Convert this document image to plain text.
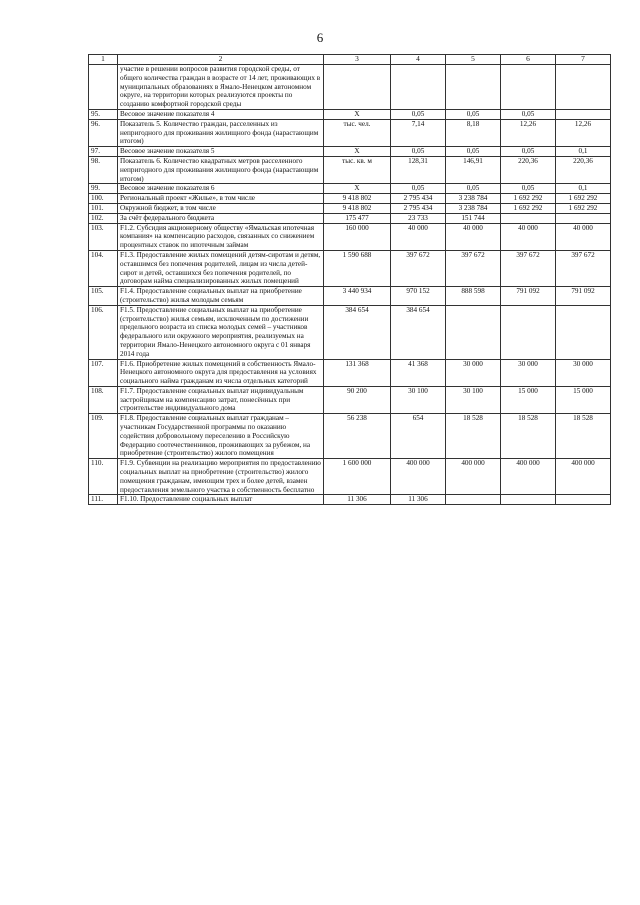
6
1	2	3	4	5	6	7
	участие в решении вопросов развития городской среды, от общего количества граждан в возрасте от 14 лет, проживающих в муниципальных образованиях в Ямало-Ненецком автономном округе, на территории которых реализуются проекты по созданию комфортной городской среды					
95.	Весовое значение показателя 4	X	0,05	0,05	0,05	
96.	Показатель 5. Количество граждан, расселенных из непригодного для проживания жилищного фонда (нарастающим итогом)	тыс. чел.	7,14	8,18	12,26	12,26
97.	Весовое значение показателя 5	X	0,05	0,05	0,05	0,1
98.	Показатель 6. Количество квадратных метров расселенного непригодного для проживания жилищного фонда (нарастающим итогом)	тыс. кв. м	128,31	146,91	220,36	220,36
99.	Весовое значение показателя 6	X	0,05	0,05	0,05	0,1
100.	Региональный проект «Жилье», в том числе	9 418 802	2 795 434	3 238 784	1 692 292	1 692 292
101.	Окружной бюджет, в том числе	9 418 802	2 795 434	3 238 784	1 692 292	1 692 292
102.	За счёт федерального бюджета	175 477	23 733	151 744		
103.	F1.2. Субсидия акционерному обществу «Ямальская ипотечная компания» на компенсацию расходов, связанных со снижением процентных ставок по ипотечным займам	160 000	40 000	40 000	40 000	40 000
104.	F1.3. Предоставление жилых помещений детям-сиротам и детям, оставшимся без попечения родителей, лицам из числа детей-сирот и детей, оставшихся без попечения родителей, по договорам найма специализированных жилых помещений	1 590 688	397 672	397 672	397 672	397 672
105.	F1.4. Предоставление социальных выплат на приобретение (строительство) жилья молодым семьям	3 440 934	970 152	888 598	791 092	791 092
106.	F1.5. Предоставление социальных выплат на приобретение (строительство) жилья семьям, исключенным по достижении предельного возраста из списка молодых семей – участников федерального или окружного мероприятия, реализуемых на территории Ямало-Ненецкого автономного округа с 01 января 2014 года	384 654	384 654			
107.	F1.6. Приобретение жилых помещений в собственность Ямало-Ненецкого автономного округа для предоставления на условиях социального найма гражданам из числа отдельных категорий	131 368	41 368	30 000	30 000	30 000
108.	F1.7. Предоставление социальных выплат индивидуальным застройщикам на компенсацию затрат, понесённых при строительстве индивидуального дома	90 200	30 100	30 100	15 000	15 000
109.	F1.8. Предоставление социальных выплат гражданам – участникам Государственной программы по оказанию содействия добровольному переселению в Российскую Федерацию соотечественников, проживающих за рубежом, на приобретение (строительство) жилого помещения	56 238	654	18 528	18 528	18 528
110.	F1.9. Субвенции на реализацию мероприятия по предоставлению социальных выплат на приобретение (строительство) жилого помещения гражданам, имеющим трех и более детей, взамен предоставления земельного участка в собственность бесплатно	1 600 000	400 000	400 000	400 000	400 000
111.	F1.10. Предоставление социальных выплат	11 306	11 306			
